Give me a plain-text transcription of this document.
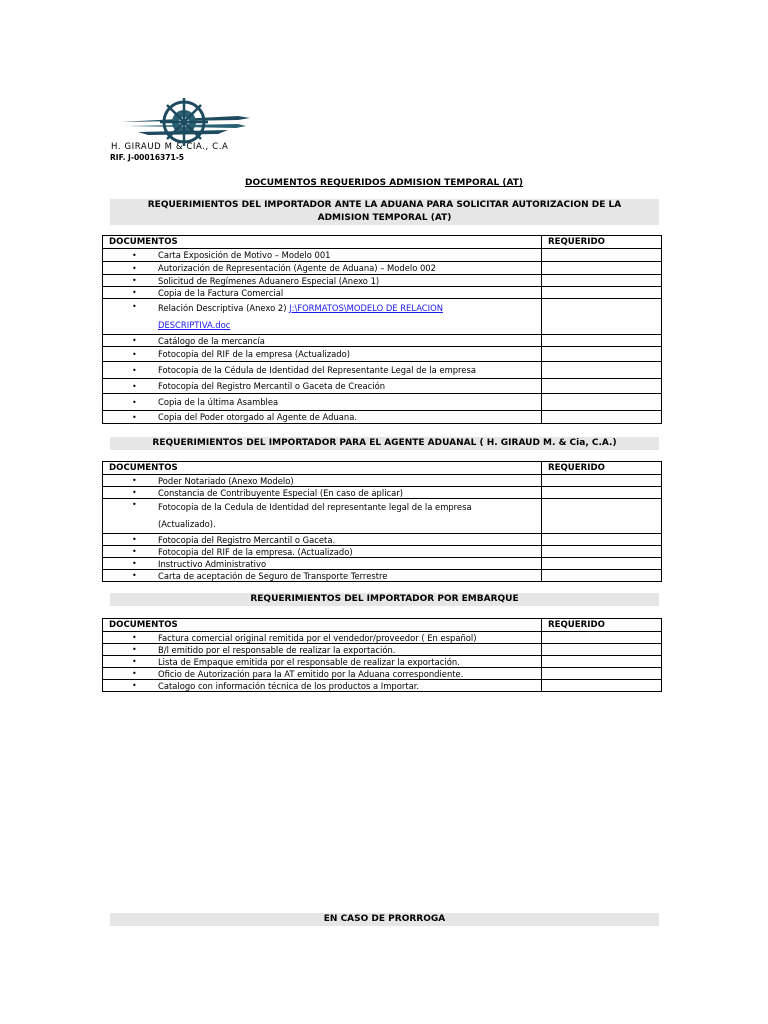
H. GIRAUD M & CIA., C.A
RIF. J-00016371-5
DOCUMENTOS REQUERIDOS ADMISION TEMPORAL (AT)
REQUERIMIENTOS DEL IMPORTADOR ANTE LA ADUANA PARA SOLICITAR AUTORIZACION DE LA
ADMISION TEMPORAL (AT)
DOCUMENTOS	REQUERIDO

• Carta Exposición de Motivo – Modelo 001	

• Autorización de Representación (Agente de Aduana) – Modelo 002	

• Solicitud de Regímenes Aduanero Especial (Anexo 1)	

• Copia de la Factura Comercial	

• Relación Descriptiva (Anexo 2) J:\FORMATOS\MODELO DE RELACION
DESCRIPTIVA.doc	

• Catálogo de la mercancía	

• Fotocopia del RIF de la empresa (Actualizado)	

• Fotocopia de la Cédula de Identidad del Representante Legal de la empresa	

• Fotocopia del Registro Mercantil o Gaceta de Creación	

• Copia de la última Asamblea	

• Copia del Poder otorgado al Agente de Aduana.	

REQUERIMIENTOS DEL IMPORTADOR PARA EL AGENTE ADUANAL ( H. GIRAUD M. & Cia, C.A.)
DOCUMENTOS	REQUERIDO

• Poder Notariado (Anexo Modelo)	

• Constancia de Contribuyente Especial (En caso de aplicar)	

• Fotocopia de la Cedula de Identidad del representante legal de la empresa
(Actualizado).	

• Fotocopia del Registro Mercantil o Gaceta.	

• Fotocopia del RIF de la empresa. (Actualizado)	

• Instructivo Administrativo	

• Carta de aceptación de Seguro de Transporte Terrestre	

REQUERIMIENTOS DEL IMPORTADOR POR EMBARQUE
DOCUMENTOS	REQUERIDO

• Factura comercial original remitida por el vendedor/proveedor ( En español)	

• B/l emitido por el responsable de realizar la exportación.	

• Lista de Empaque emitida por el responsable de realizar la exportación.	

• Oficio de Autorización para la AT emitido por la Aduana correspondiente.	

• Catalogo con información técnica de los productos a Importar.	

EN CASO DE PRORROGA
